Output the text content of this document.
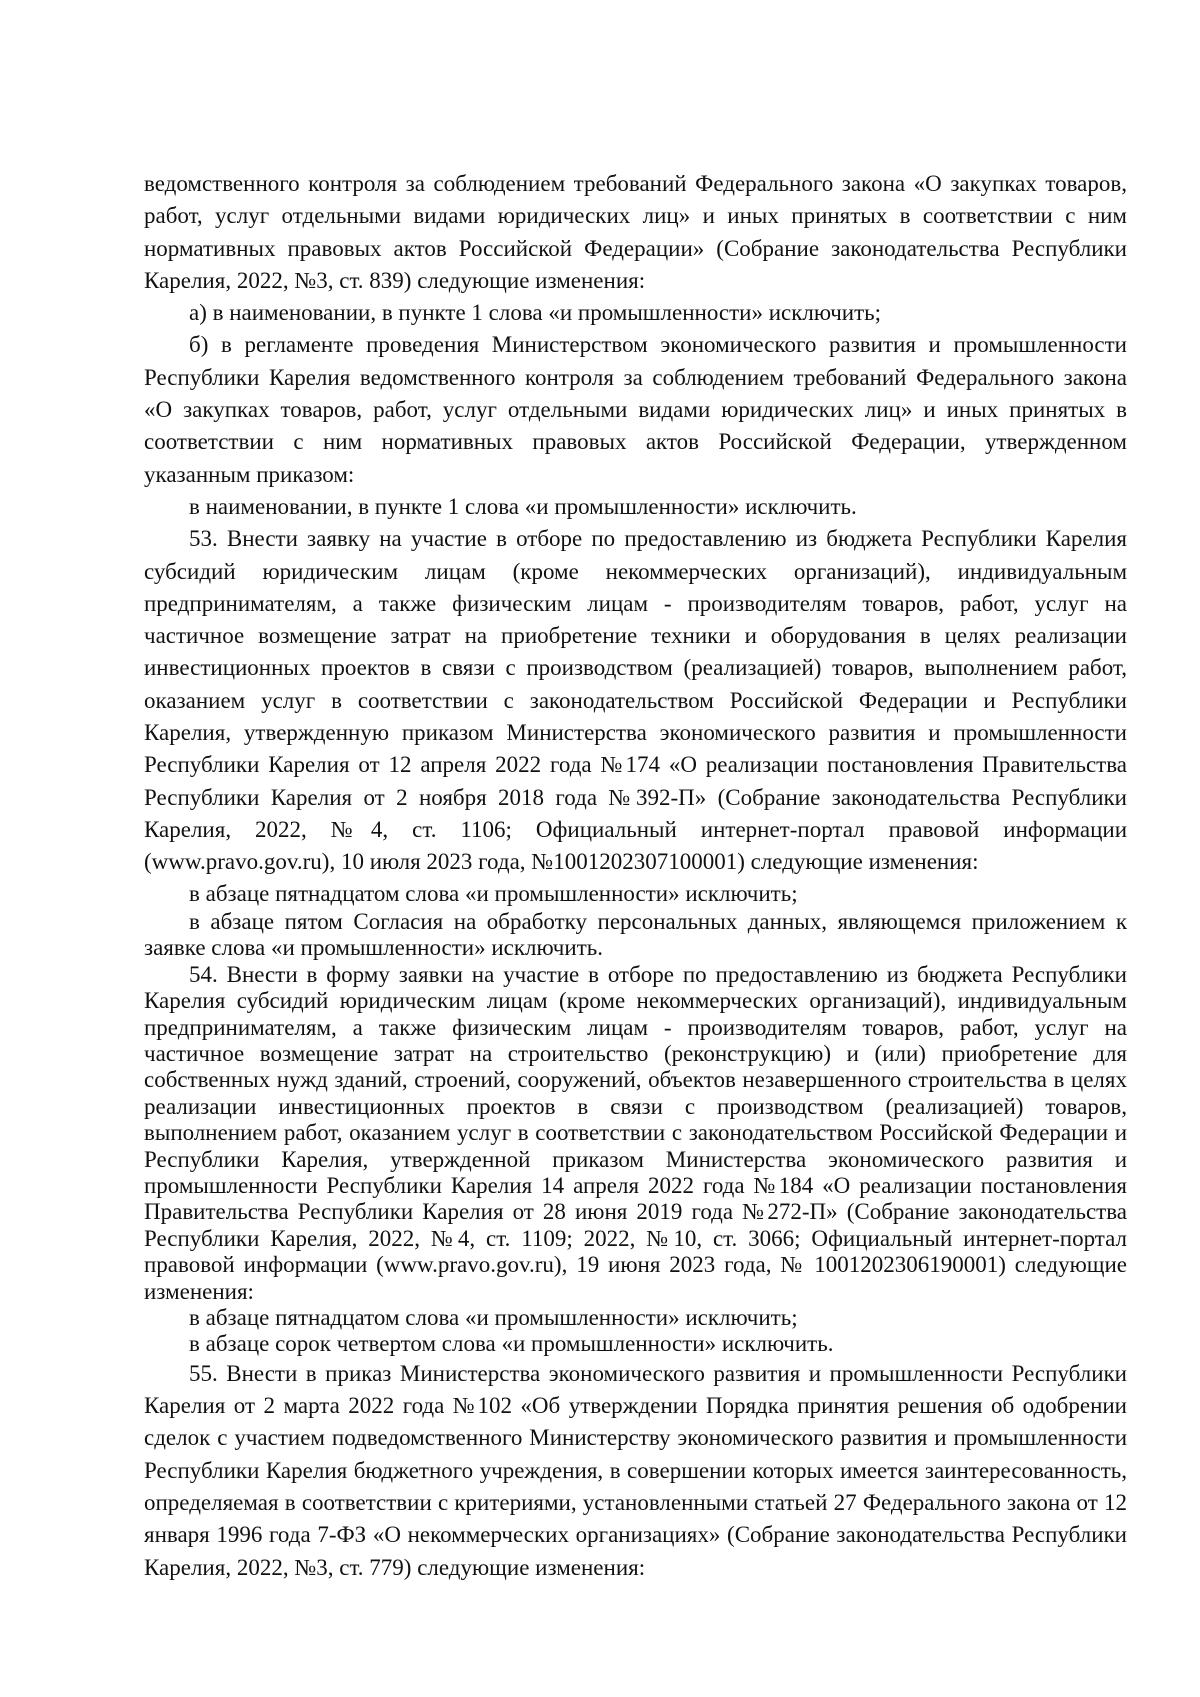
ведомственного контроля за соблюдением требований Федерального закона «О закупках товаров, работ, услуг отдельными видами юридических лиц» и иных принятых в соответствии с ним нормативных правовых актов Российской Федерации» (Собрание законодательства Республики Карелия, 2022, №3, ст. 839) следующие изменения:

а) в наименовании, в пункте 1 слова «и промышленности» исключить;

б) в регламенте проведения Министерством экономического развития и промышленности Республики Карелия ведомственного контроля за соблюдением требований Федерального закона «О закупках товаров, работ, услуг отдельными видами юридических лиц» и иных принятых в соответствии с ним нормативных правовых актов Российской Федерации, утвержденном указанным приказом:

в наименовании, в пункте 1 слова «и промышленности» исключить.

53. Внести заявку на участие в отборе по предоставлению из бюджета Республики Карелия субсидий юридическим лицам (кроме некоммерческих организаций), индивидуальным предпринимателям, а также физическим лицам - производителям товаров, работ, услуг на частичное возмещение затрат на приобретение техники и оборудования в целях реализации инвестиционных проектов в связи с производством (реализацией) товаров, выполнением работ, оказанием услуг в соответствии с законодательством Российской Федерации и Республики Карелия, утвержденную приказом Министерства экономического развития и промышленности Республики Карелия от 12 апреля 2022 года №174 «О реализации постановления Правительства Республики Карелия от 2 ноября 2018 года №392-П» (Собрание законодательства Республики Карелия, 2022, №4, ст. 1106; Официальный интернет-портал правовой информации (www.pravo.gov.ru), 10 июля 2023 года, №1001202307100001) следующие изменения:

в абзаце пятнадцатом слова «и промышленности» исключить;

в абзаце пятом Согласия на обработку персональных данных, являющемся приложением к заявке слова «и промышленности» исключить.

54. Внести в форму заявки на участие в отборе по предоставлению из бюджета Республики Карелия субсидий юридическим лицам (кроме некоммерческих организаций), индивидуальным предпринимателям, а также физическим лицам - производителям товаров, работ, услуг на частичное возмещение затрат на строительство (реконструкцию) и (или) приобретение для собственных нужд зданий, строений, сооружений, объектов незавершенного строительства в целях реализации инвестиционных проектов в связи с производством (реализацией) товаров, выполнением работ, оказанием услуг в соответствии с законодательством Российской Федерации и Республики Карелия, утвержденной приказом Министерства экономического развития и промышленности Республики Карелия 14 апреля 2022 года №184 «О реализации постановления Правительства Республики Карелия от 28 июня 2019 года №272-П» (Собрание законодательства Республики Карелия, 2022, №4, ст. 1109; 2022, №10, ст. 3066; Официальный интернет-портал правовой информации (www.pravo.gov.ru), 19 июня 2023 года, № 1001202306190001) следующие изменения:

в абзаце пятнадцатом слова «и промышленности» исключить;

в абзаце сорок четвертом слова «и промышленности» исключить.

55. Внести в приказ Министерства экономического развития и промышленности Республики Карелия от 2 марта 2022 года №102 «Об утверждении Порядка принятия решения об одобрении сделок с участием подведомственного Министерству экономического развития и промышленности Республики Карелия бюджетного учреждения, в совершении которых имеется заинтересованность, определяемая в соответствии с критериями, установленными статьей 27 Федерального закона от 12 января 1996 года 7-ФЗ «О некоммерческих организациях» (Собрание законодательства Республики Карелия, 2022, №3, ст. 779) следующие изменения:
